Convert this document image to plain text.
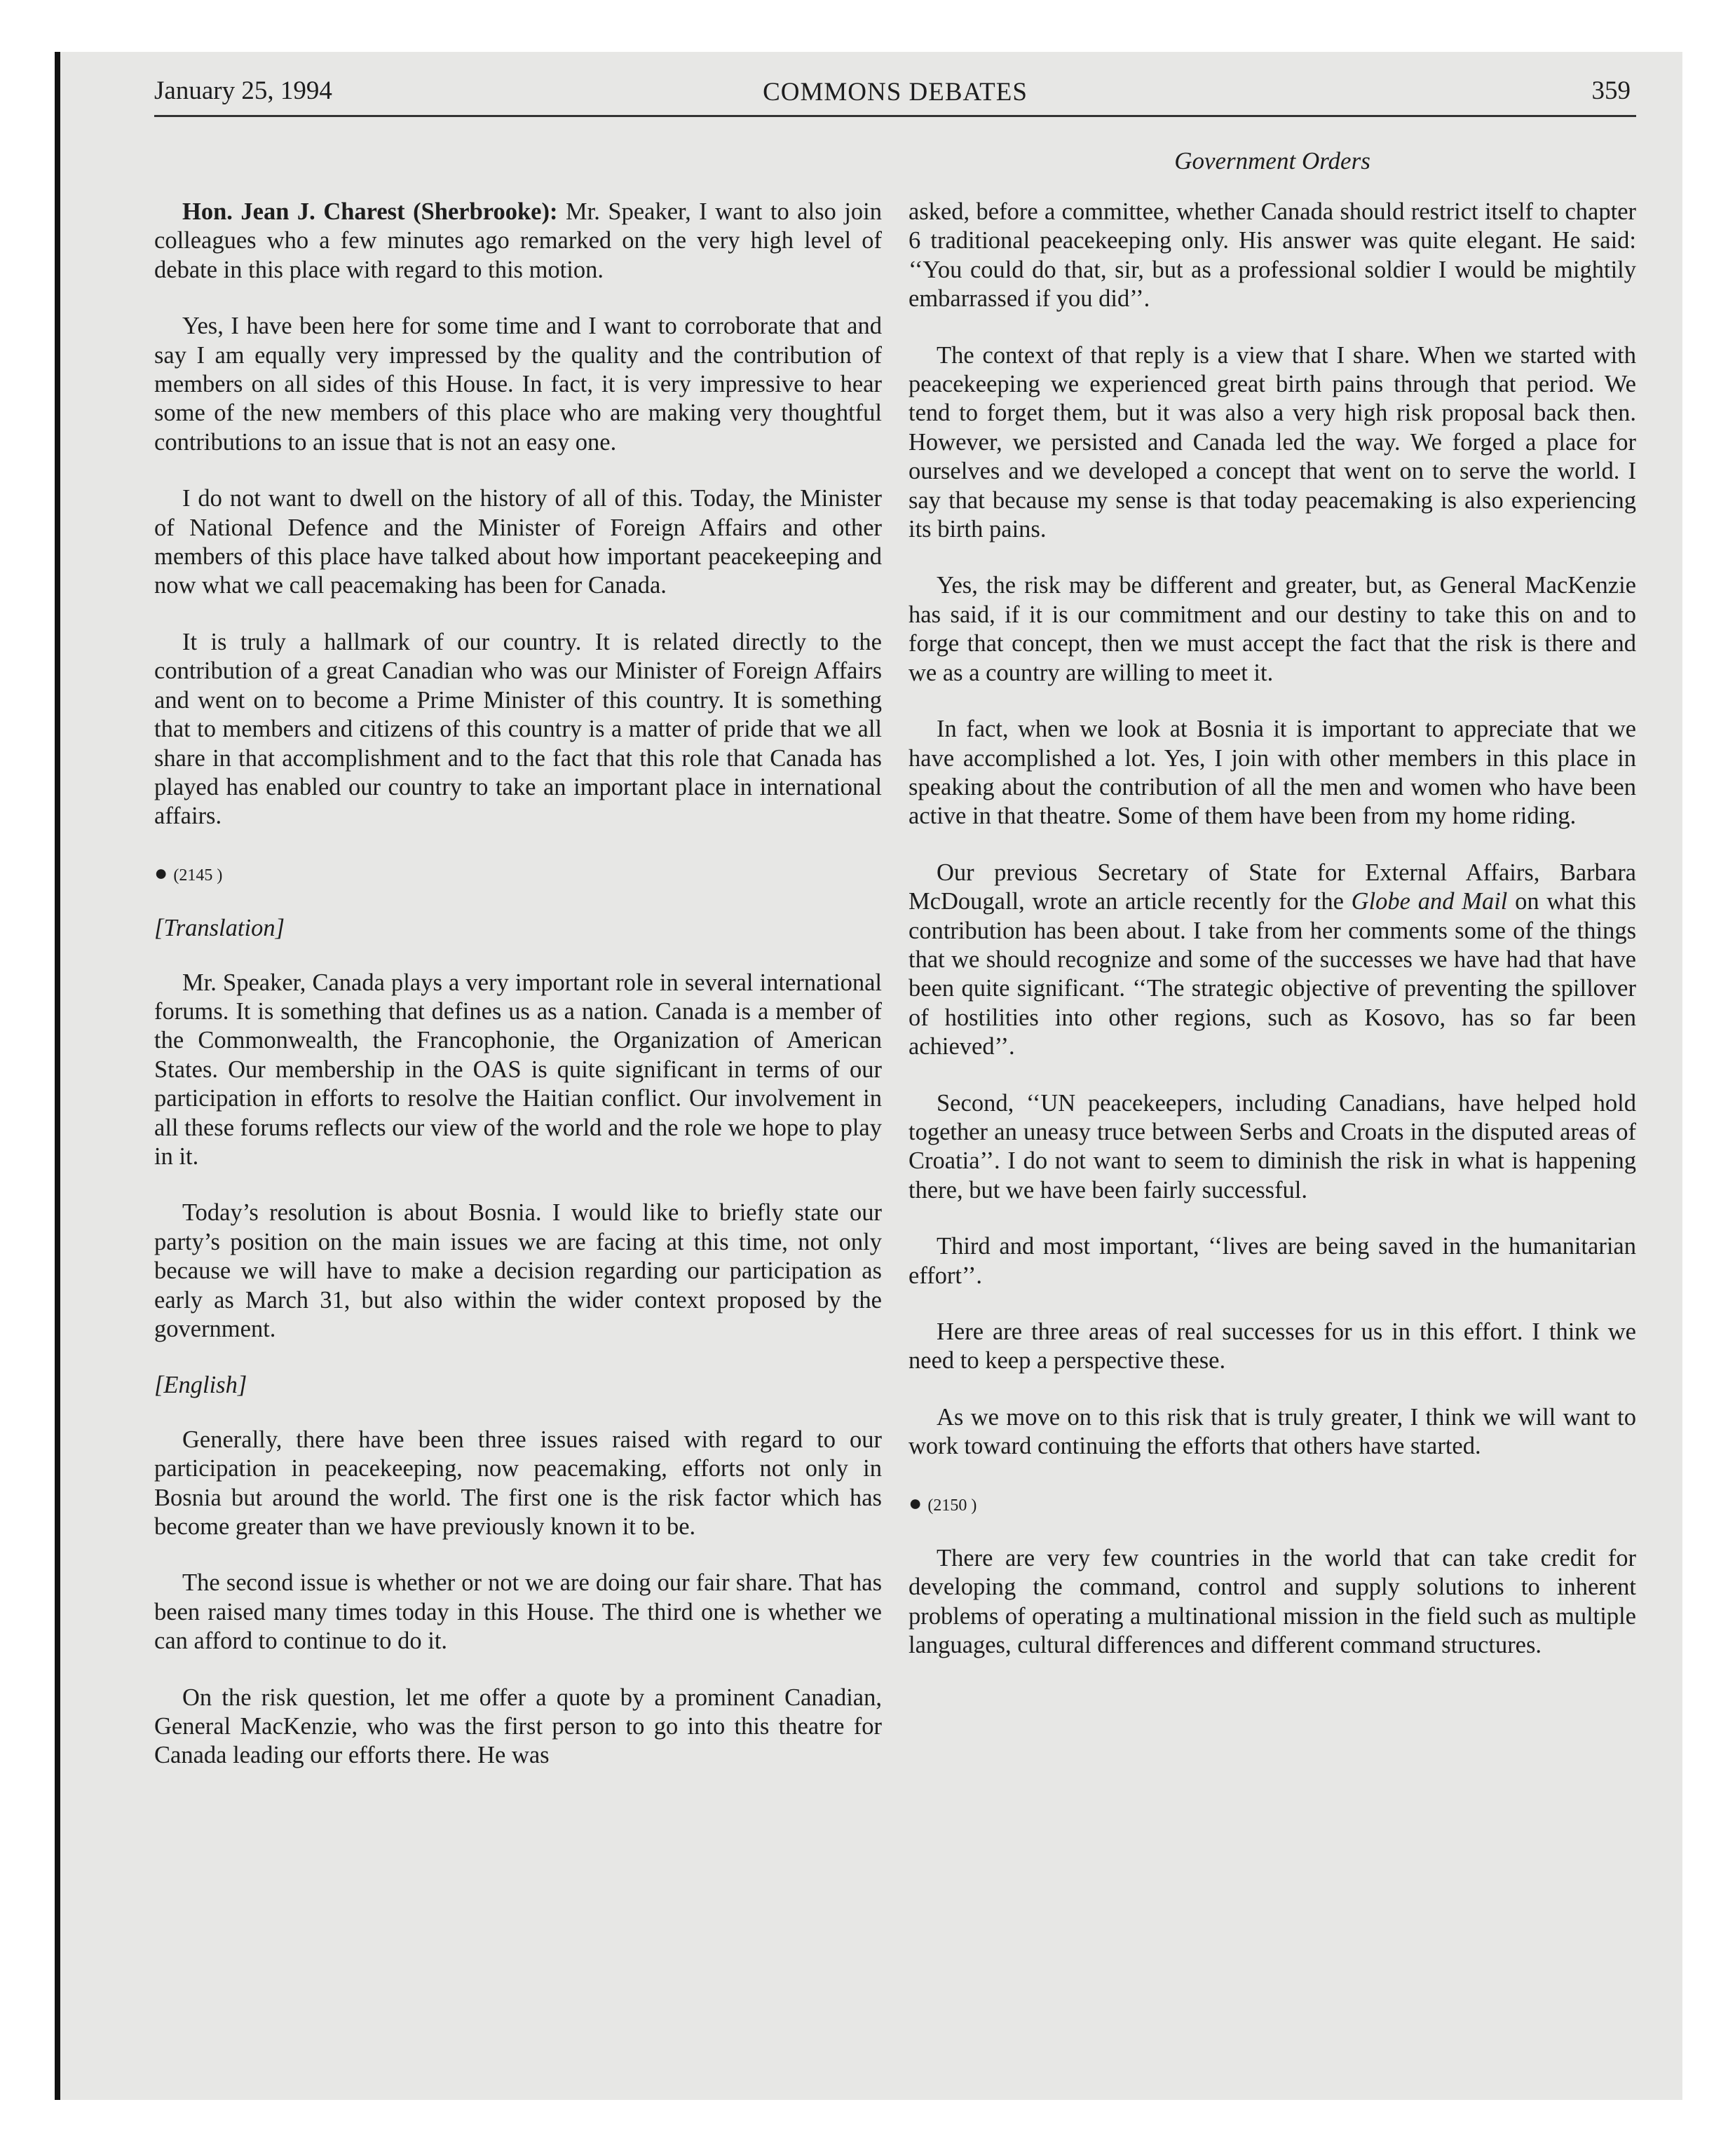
January 25, 1994	COMMONS DEBATES	359
Government Orders

Hon. Jean J. Charest (Sherbrooke): Mr. Speaker, I want to also join colleagues who a few minutes ago remarked on the very high level of debate in this place with regard to this motion.

Yes, I have been here for some time and I want to corroborate that and say I am equally very impressed by the quality and the contribution of members on all sides of this House. In fact, it is very impressive to hear some of the new members of this place who are making very thoughtful contributions to an issue that is not an easy one.

I do not want to dwell on the history of all of this. Today, the Minister of National Defence and the Minister of Foreign Affairs and other members of this place have talked about how important peacekeeping and now what we call peacemaking has been for Canada.

It is truly a hallmark of our country. It is related directly to the contribution of a great Canadian who was our Minister of Foreign Affairs and went on to become a Prime Minister of this country. It is something that to members and citizens of this country is a matter of pride that we all share in that accomplishment and to the fact that this role that Canada has played has enabled our country to take an important place in international affairs.

● (2145 )
[Translation]

Mr. Speaker, Canada plays a very important role in several international forums. It is something that defines us as a nation. Canada is a member of the Commonwealth, the Francophonie, the Organization of American States. Our membership in the OAS is quite significant in terms of our participation in efforts to resolve the Haitian conflict. Our involvement in all these forums reflects our view of the world and the role we hope to play in it.

Today’s resolution is about Bosnia. I would like to briefly state our party’s position on the main issues we are facing at this time, not only because we will have to make a decision regarding our participation as early as March 31, but also within the wider context proposed by the government.

[English]

Generally, there have been three issues raised with regard to our participation in peacekeeping, now peacemaking, efforts not only in Bosnia but around the world. The first one is the risk factor which has become greater than we have previously known it to be.

The second issue is whether or not we are doing our fair share. That has been raised many times today in this House. The third one is whether we can afford to continue to do it.

On the risk question, let me offer a quote by a prominent Canadian, General MacKenzie, who was the first person to go into this theatre for Canada leading our efforts there. He was

asked, before a committee, whether Canada should restrict itself to chapter 6 traditional peacekeeping only. His answer was quite elegant. He said: ‘‘You could do that, sir, but as a professional soldier I would be mightily embarrassed if you did’’.

The context of that reply is a view that I share. When we started with peacekeeping we experienced great birth pains through that period. We tend to forget them, but it was also a very high risk proposal back then. However, we persisted and Canada led the way. We forged a place for ourselves and we developed a concept that went on to serve the world. I say that because my sense is that today peacemaking is also experiencing its birth pains.

Yes, the risk may be different and greater, but, as General MacKenzie has said, if it is our commitment and our destiny to take this on and to forge that concept, then we must accept the fact that the risk is there and we as a country are willing to meet it.

In fact, when we look at Bosnia it is important to appreciate that we have accomplished a lot. Yes, I join with other members in this place in speaking about the contribution of all the men and women who have been active in that theatre. Some of them have been from my home riding.

Our previous Secretary of State for External Affairs, Barbara McDougall, wrote an article recently for the Globe and Mail on what this contribution has been about. I take from her comments some of the things that we should recognize and some of the successes we have had that have been quite significant. ‘‘The strategic objective of preventing the spillover of hostilities into other regions, such as Kosovo, has so far been achieved’’.

Second, ‘‘UN peacekeepers, including Canadians, have helped hold together an uneasy truce between Serbs and Croats in the disputed areas of Croatia’’. I do not want to seem to diminish the risk in what is happening there, but we have been fairly successful.

Third and most important, ‘‘lives are being saved in the humanitarian effort’’.

Here are three areas of real successes for us in this effort. I think we need to keep a perspective these.

As we move on to this risk that is truly greater, I think we will want to work toward continuing the efforts that others have started.

● (2150 )

There are very few countries in the world that can take credit for developing the command, control and supply solutions to inherent problems of operating a multinational mission in the field such as multiple languages, cultural differences and different command structures.
